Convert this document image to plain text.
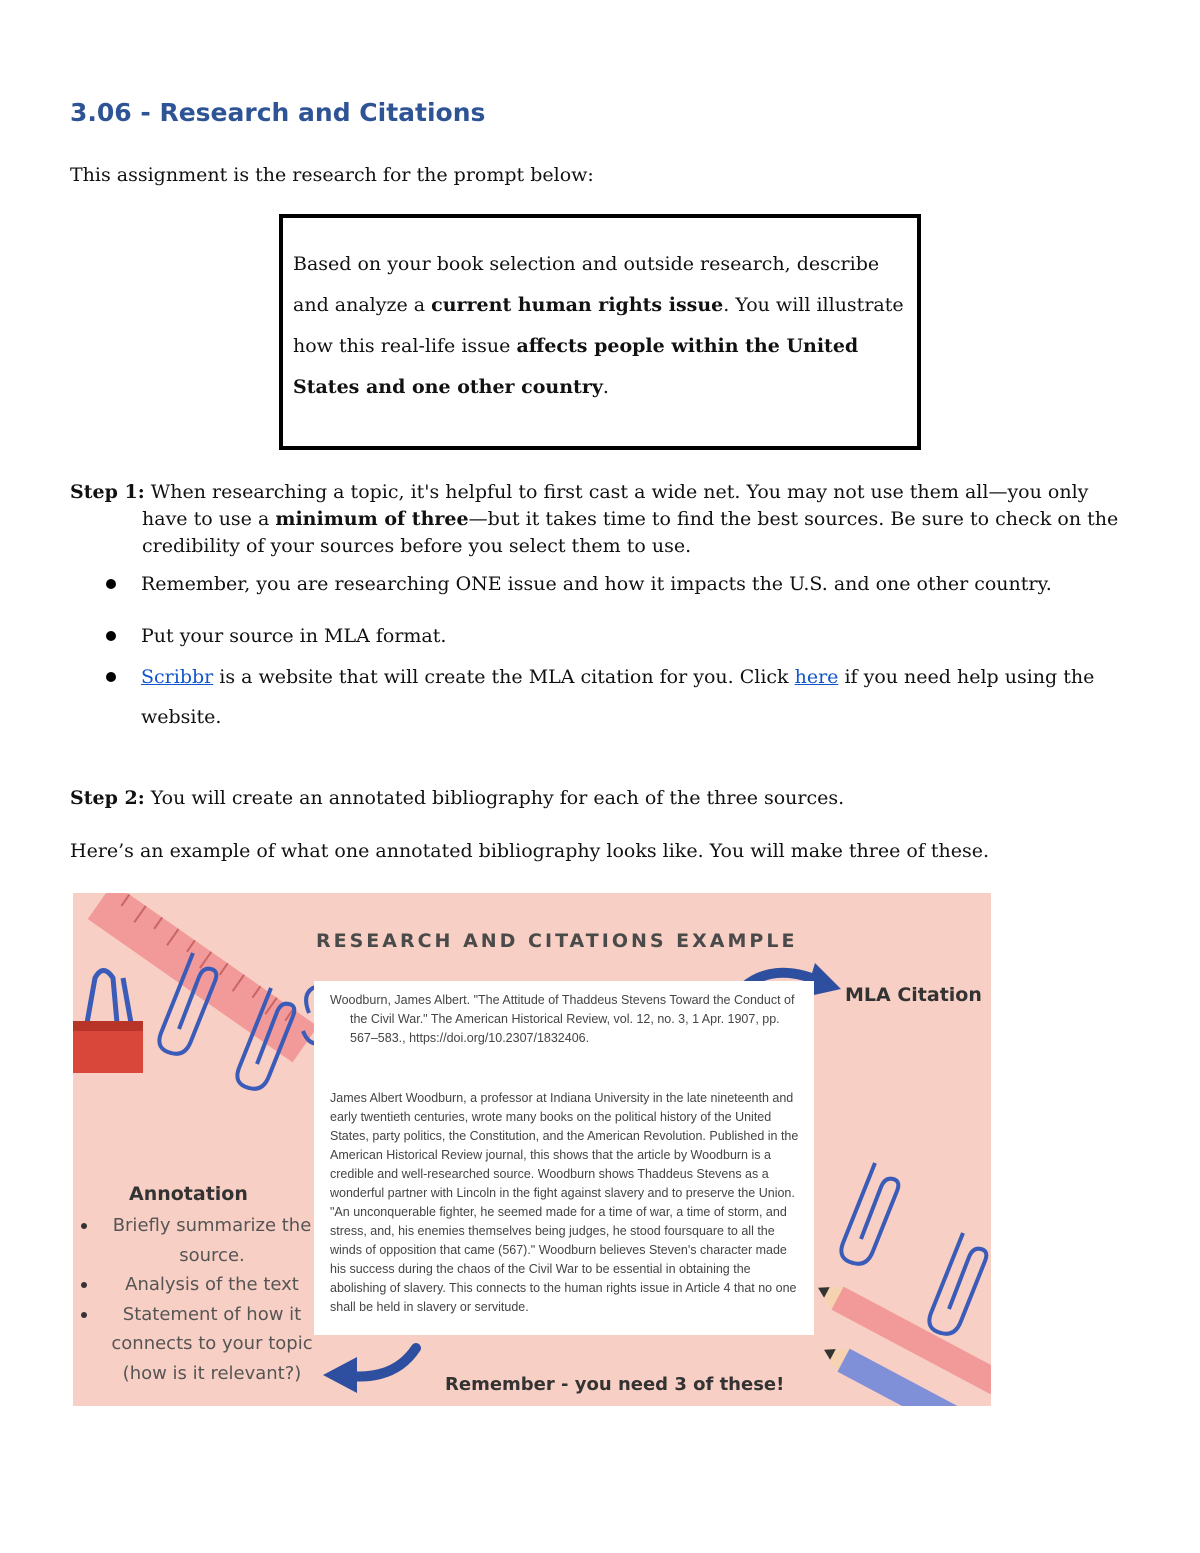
3.06 - Research and Citations

This assignment is the research for the prompt below:

Based on your book selection and outside research, describe and analyze a current human rights issue. You will illustrate how this real-life issue affects people within the United States and one other country.

Step 1: When researching a topic, it's helpful to first cast a wide net. You may not use them all—you only have to use a minimum of three—but it takes time to find the best sources. Be sure to check on the credibility of your sources before you select them to use.

Remember, you are researching ONE issue and how it impacts the U.S. and one other country.
Put your source in MLA format.
Scribbr is a website that will create the MLA citation for you. Click here if you need help using the website.

Step 2: You will create an annotated bibliography for each of the three sources.

Here’s an example of what one annotated bibliography looks like. You will make three of these.

RESEARCH AND CITATIONS EXAMPLE
Woodburn, James Albert. "The Attitude of Thaddeus Stevens Toward the Conduct of the Civil War." The American Historical Review, vol. 12, no. 3, 1 Apr. 1907, pp. 567–583., https://doi.org/10.2307/1832406.
James Albert Woodburn, a professor at Indiana University in the late nineteenth and early twentieth centuries, wrote many books on the political history of the United States, party politics, the Constitution, and the American Revolution. Published in the American Historical Review journal, this shows that the article by Woodburn is a credible and well-researched source. Woodburn shows Thaddeus Stevens as a wonderful partner with Lincoln in the fight against slavery and to preserve the Union. "An unconquerable fighter, he seemed made for a time of war, a time of storm, and stress, and, his enemies themselves being judges, he stood foursquare to all the winds of opposition that came (567)." Woodburn believes Steven's character made his success during the chaos of the Civil War to be essential in obtaining the abolishing of slavery. This connects to the human rights issue in Article 4 that no one shall be held in slavery or servitude.
MLA Citation
Annotation
Briefly summarize the source.
Analysis of the text
Statement of how it connects to your topic (how is it relevant?)
Remember - you need 3 of these!
